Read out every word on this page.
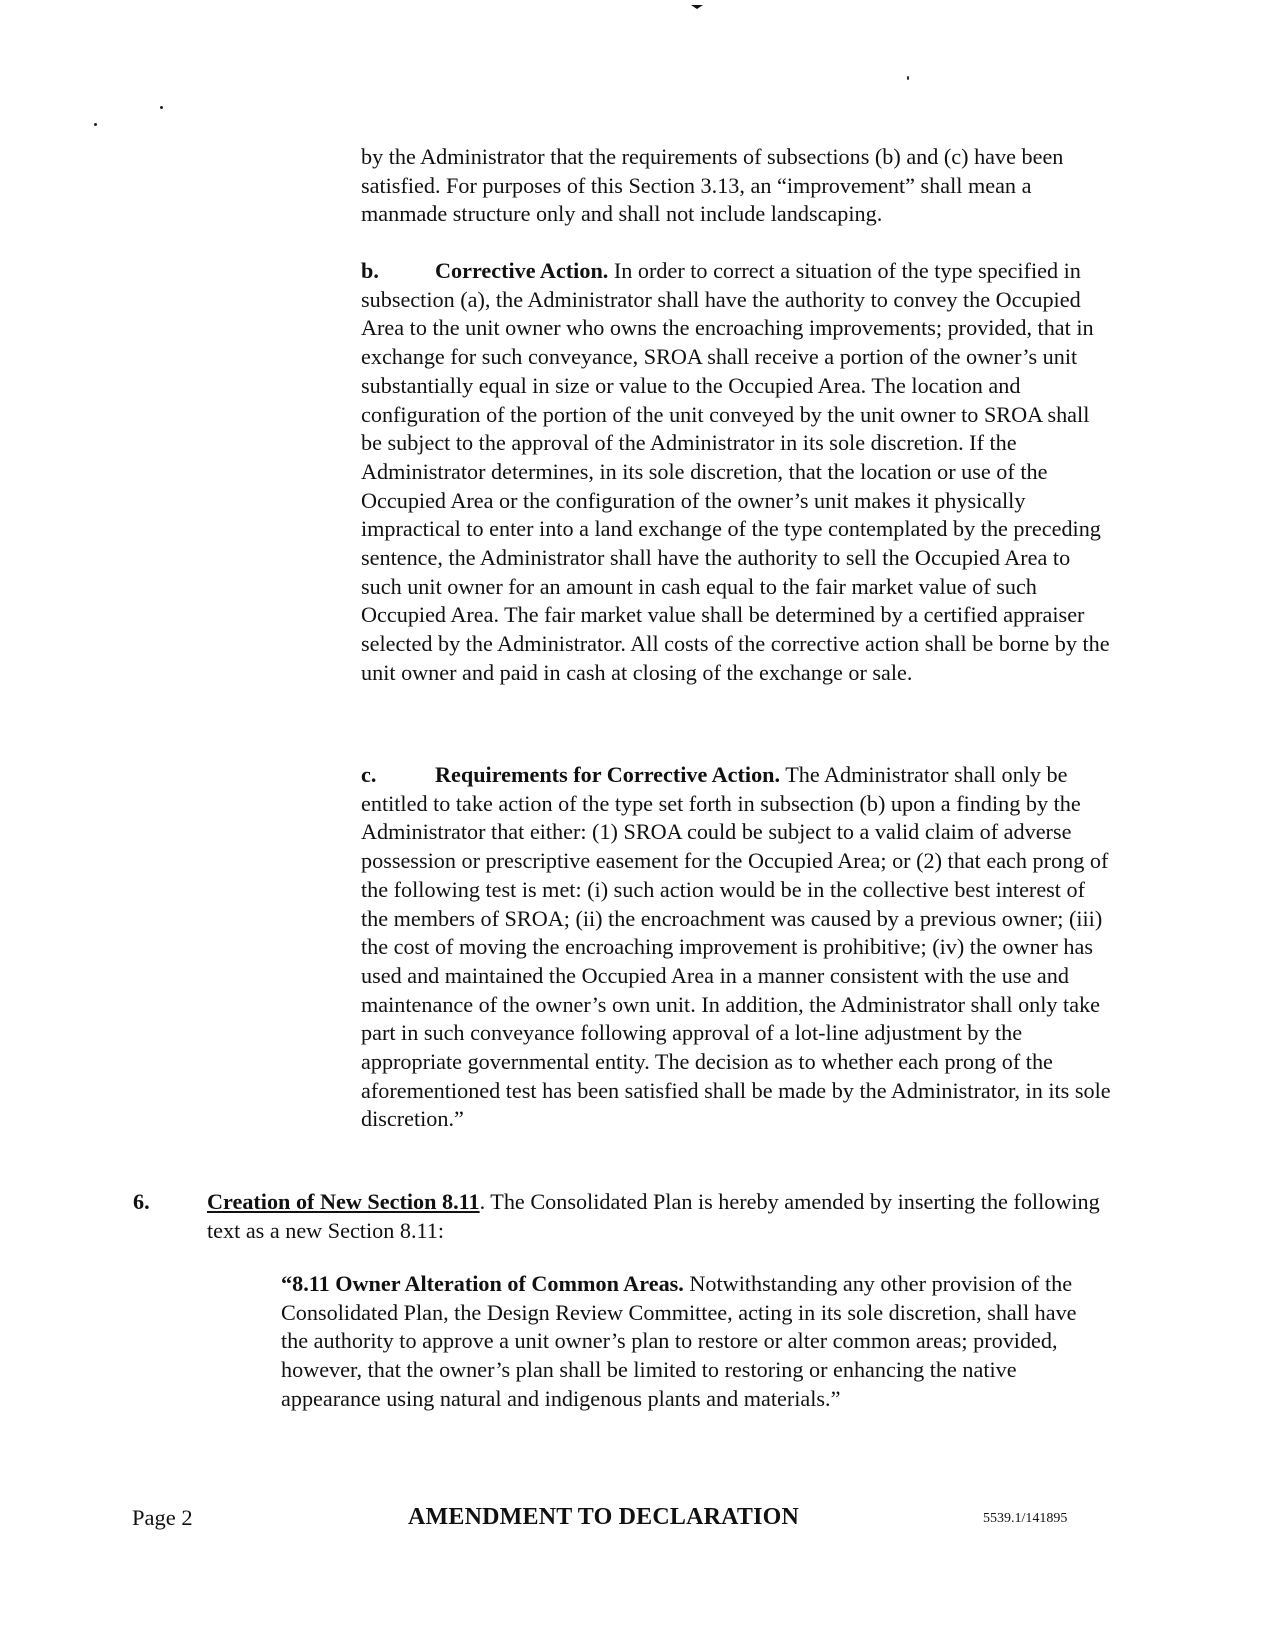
by the Administrator that the requirements of subsections (b) and (c) have been satisfied. For purposes of this Section 3.13, an “improvement” shall mean a manmade structure only and shall not include landscaping.

b.	Corrective Action. In order to correct a situation of the type specified in subsection (a), the Administrator shall have the authority to convey the Occupied Area to the unit owner who owns the encroaching improvements; provided, that in exchange for such conveyance, SROA shall receive a portion of the owner’s unit substantially equal in size or value to the Occupied Area. The location and configuration of the portion of the unit conveyed by the unit owner to SROA shall be subject to the approval of the Administrator in its sole discretion. If the Administrator determines, in its sole discretion, that the location or use of the Occupied Area or the configuration of the owner’s unit makes it physically impractical to enter into a land exchange of the type contemplated by the preceding sentence, the Administrator shall have the authority to sell the Occupied Area to such unit owner for an amount in cash equal to the fair market value of such Occupied Area. The fair market value shall be determined by a certified appraiser selected by the Administrator. All costs of the corrective action shall be borne by the unit owner and paid in cash at closing of the exchange or sale.

c.	Requirements for Corrective Action. The Administrator shall only be entitled to take action of the type set forth in subsection (b) upon a finding by the Administrator that either: (1) SROA could be subject to a valid claim of adverse possession or prescriptive easement for the Occupied Area; or (2) that each prong of the following test is met: (i) such action would be in the collective best interest of the members of SROA; (ii) the encroachment was caused by a previous owner; (iii) the cost of moving the encroaching improvement is prohibitive; (iv) the owner has used and maintained the Occupied Area in a manner consistent with the use and maintenance of the owner’s own unit. In addition, the Administrator shall only take part in such conveyance following approval of a lot-line adjustment by the appropriate governmental entity. The decision as to whether each prong of the aforementioned test has been satisfied shall be made by the Administrator, in its sole discretion.”

6.	Creation of New Section 8.11. The Consolidated Plan is hereby amended by inserting the following text as a new Section 8.11:

“8.11 Owner Alteration of Common Areas. Notwithstanding any other provision of the Consolidated Plan, the Design Review Committee, acting in its sole discretion, shall have the authority to approve a unit owner’s plan to restore or alter common areas; provided, however, that the owner’s plan shall be limited to restoring or enhancing the native appearance using natural and indigenous plants and materials.”

Page 2	AMENDMENT TO DECLARATION	5539.1/141895
